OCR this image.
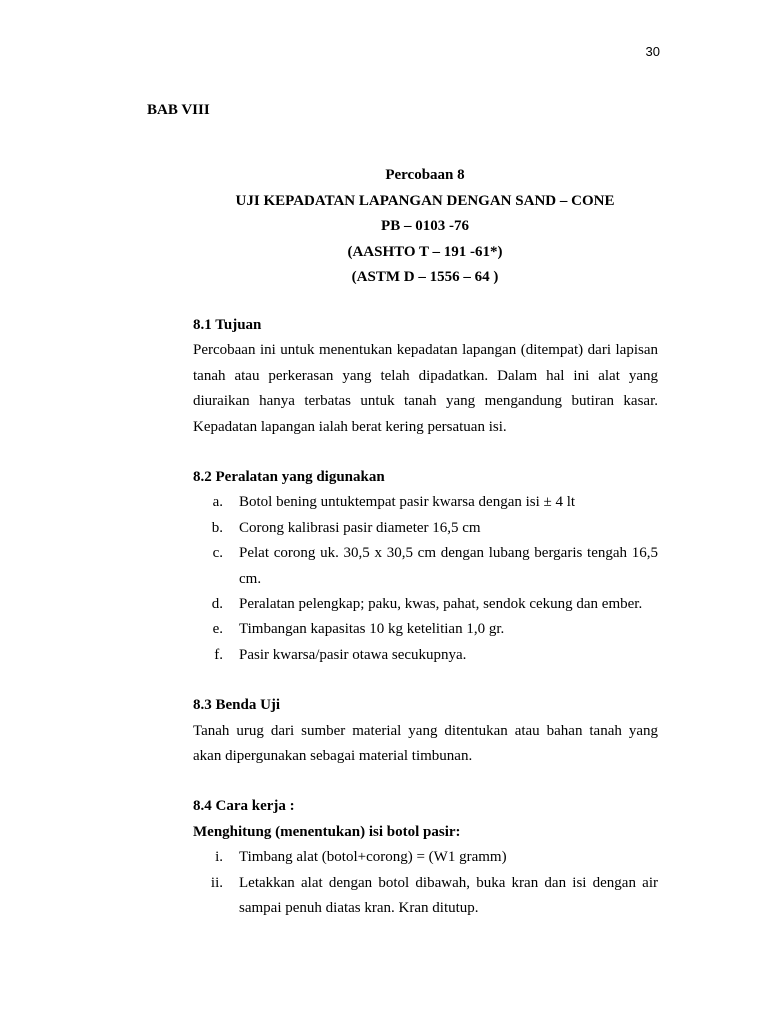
30
BAB VIII
Percobaan 8
UJI KEPADATAN LAPANGAN DENGAN SAND – CONE
PB – 0103 -76
(AASHTO T – 191 -61*)
(ASTM D – 1556 – 64 )
8.1 Tujuan

Percobaan ini untuk menentukan kepadatan lapangan (ditempat) dari lapisan tanah atau perkerasan yang telah dipadatkan. Dalam hal ini alat yang diuraikan hanya terbatas untuk tanah yang mengandung butiran kasar. Kepadatan lapangan ialah berat kering persatuan isi.

8.2 Peralatan yang digunakan
a. Botol bening untuktempat pasir kwarsa dengan isi ± 4 lt
b. Corong kalibrasi pasir diameter 16,5 cm
c. Pelat corong uk. 30,5 x 30,5 cm dengan lubang bergaris tengah 16,5 cm.
d. Peralatan pelengkap; paku, kwas, pahat, sendok cekung dan ember.
e. Timbangan kapasitas 10 kg ketelitian 1,0 gr.
f. Pasir kwarsa/pasir otawa secukupnya.
8.3 Benda Uji

Tanah urug dari sumber material yang ditentukan atau bahan tanah yang akan dipergunakan sebagai material timbunan.

8.4 Cara kerja :
Menghitung (menentukan) isi botol pasir:
i. Timbang alat (botol+corong) = (W1 gramm)
ii. Letakkan alat dengan botol dibawah, buka kran dan isi dengan air sampai penuh diatas kran. Kran ditutup.
